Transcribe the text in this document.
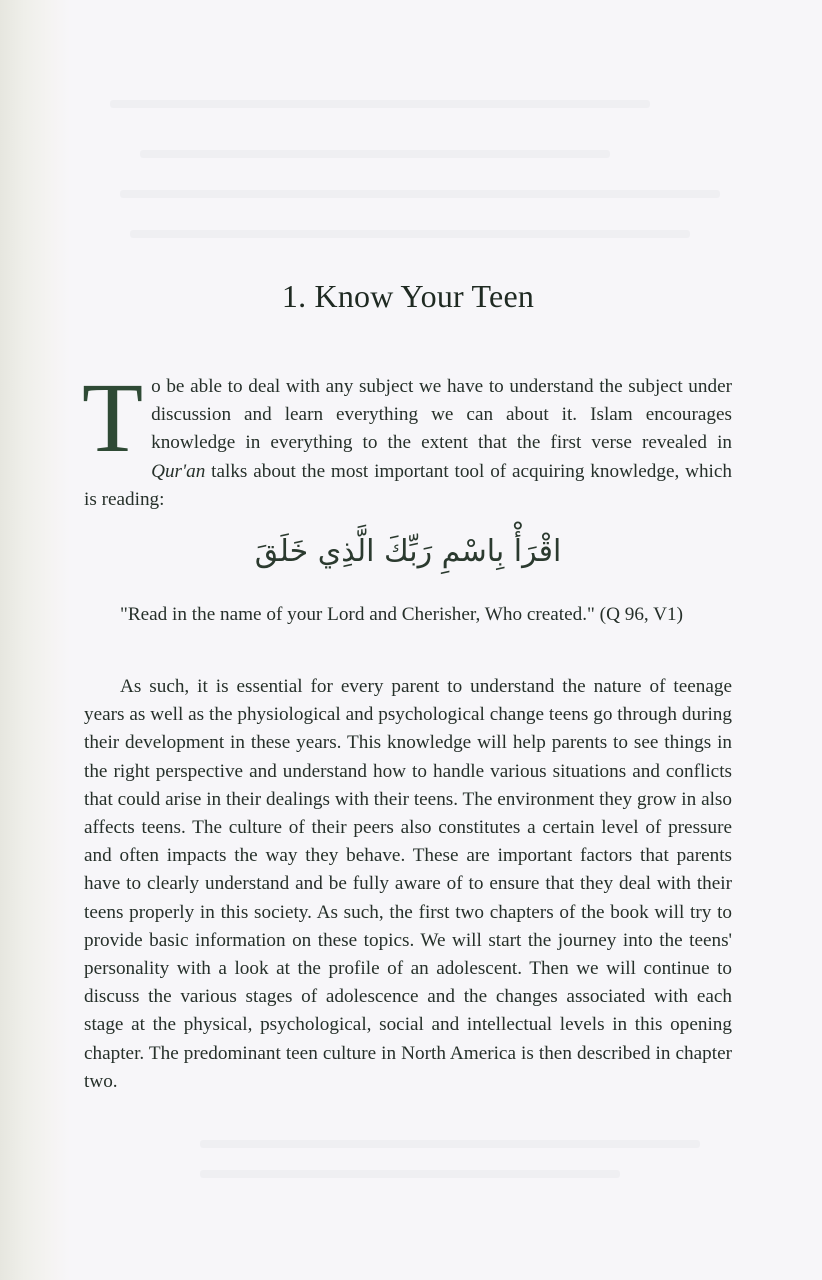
1. Know Your Teen
T o be able to deal with any subject we have to understand the subject under discussion and learn everything we can about it. Islam encourages knowledge in everything to the extent that the first verse revealed in Qur'an talks about the most important tool of acquiring knowledge, which is reading:

اقْرَأْ بِاسْمِ رَبِّكَ الَّذِي خَلَقَ

"Read in the name of your Lord and Cherisher, Who created." (Q 96, V1)

As such, it is essential for every parent to understand the nature of teenage years as well as the physiological and psychological change teens go through during their development in these years. This knowledge will help parents to see things in the right perspective and understand how to handle various situations and conflicts that could arise in their dealings with their teens. The environment they grow in also affects teens. The culture of their peers also constitutes a certain level of pressure and often impacts the way they behave. These are important factors that parents have to clearly understand and be fully aware of to ensure that they deal with their teens properly in this society. As such, the first two chapters of the book will try to provide basic information on these topics. We will start the journey into the teens' personality with a look at the profile of an adolescent. Then we will continue to discuss the various stages of adolescence and the changes associated with each stage at the physical, psychological, social and intellectual levels in this opening chapter. The predominant teen culture in North America is then described in chapter two.
